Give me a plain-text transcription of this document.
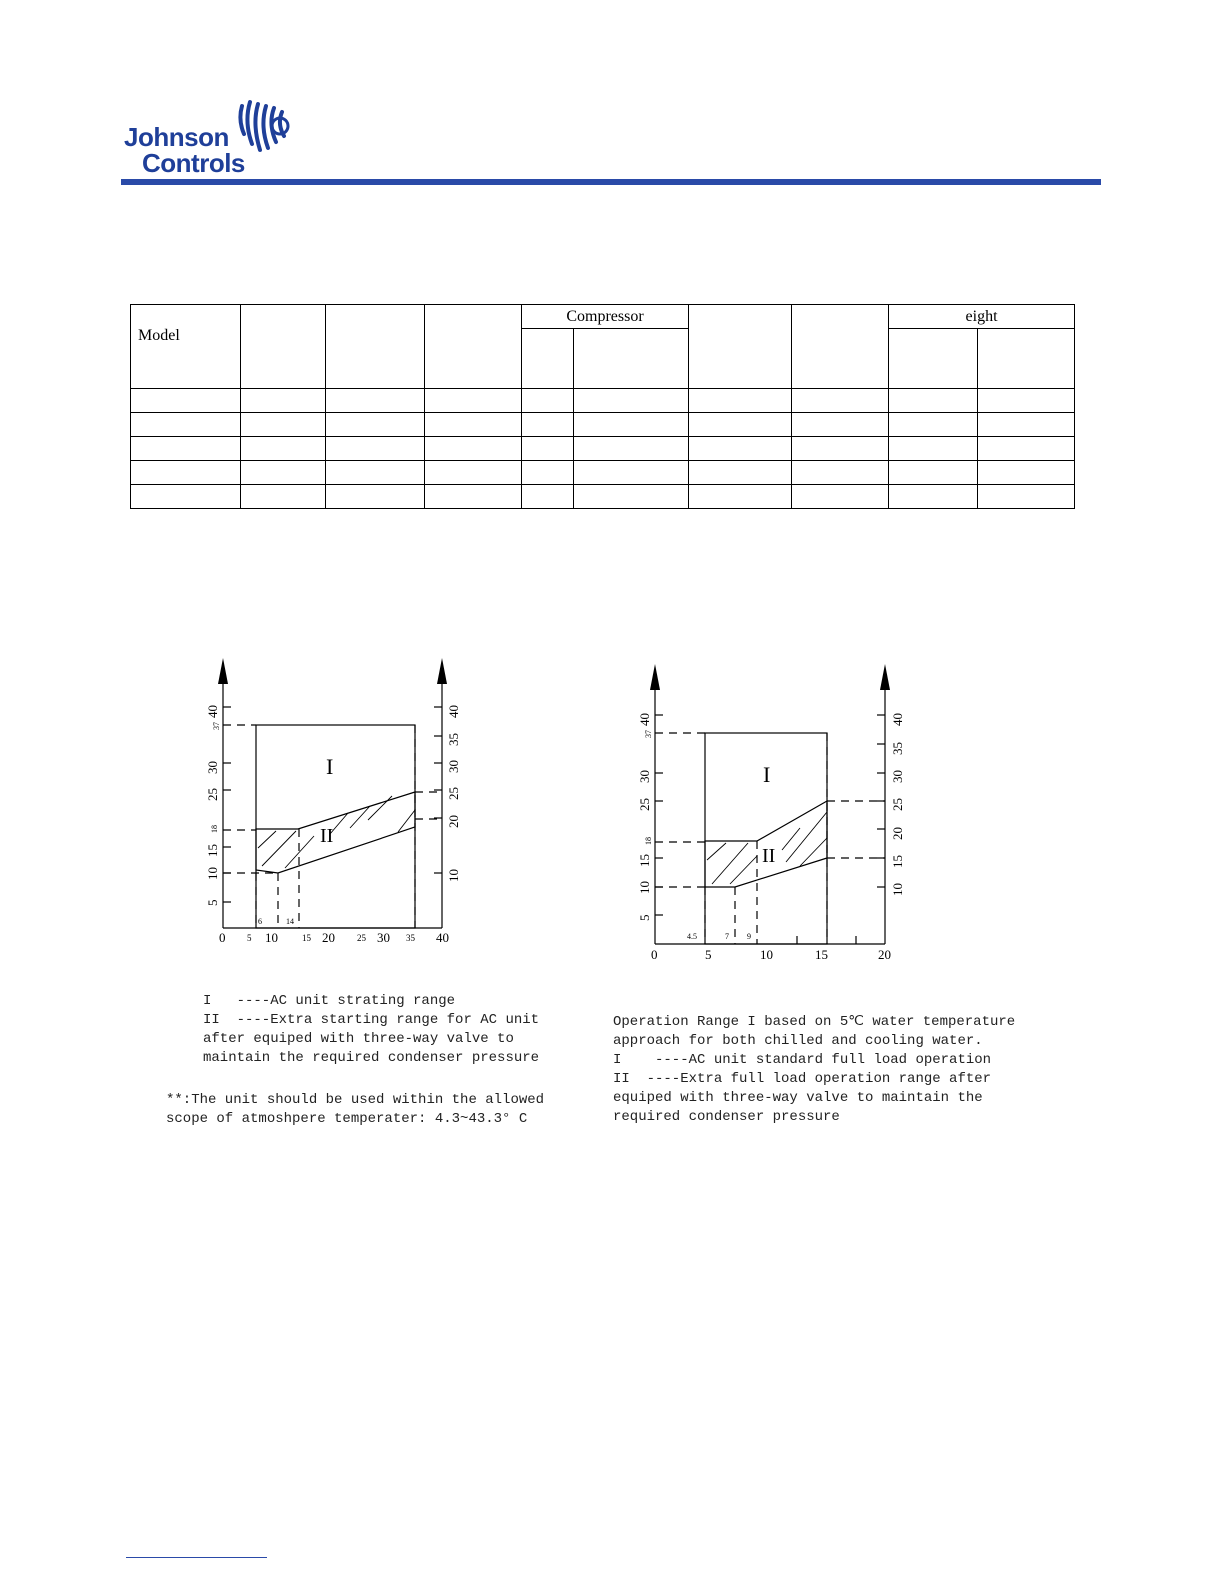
Johnson
Controls
Model				Compressor				eight	

5
10
15
18
25
30
37
40
10
20
25
30
35
40
0 5 10	15 20 25 30 35 40
6	14
I
II
5
10
15
18
25
30
37
40
10
15
20
25
30
35
40
0	5	10	15	20
4.5	7 9
I
II
I   ----AC unit strating range
II  ----Extra starting range for AC unit
after equiped with three-way valve to
maintain the required condenser pressure
**:The unit should be used within the allowed
scope of atmoshpere temperater: 4.3~43.3° C
Operation Range I based on 5℃ water temperature
approach for both chilled and cooling water.
I    ----AC unit standard full load operation
II  ----Extra full load operation range after
equiped with three-way valve to maintain the
required condenser pressure
